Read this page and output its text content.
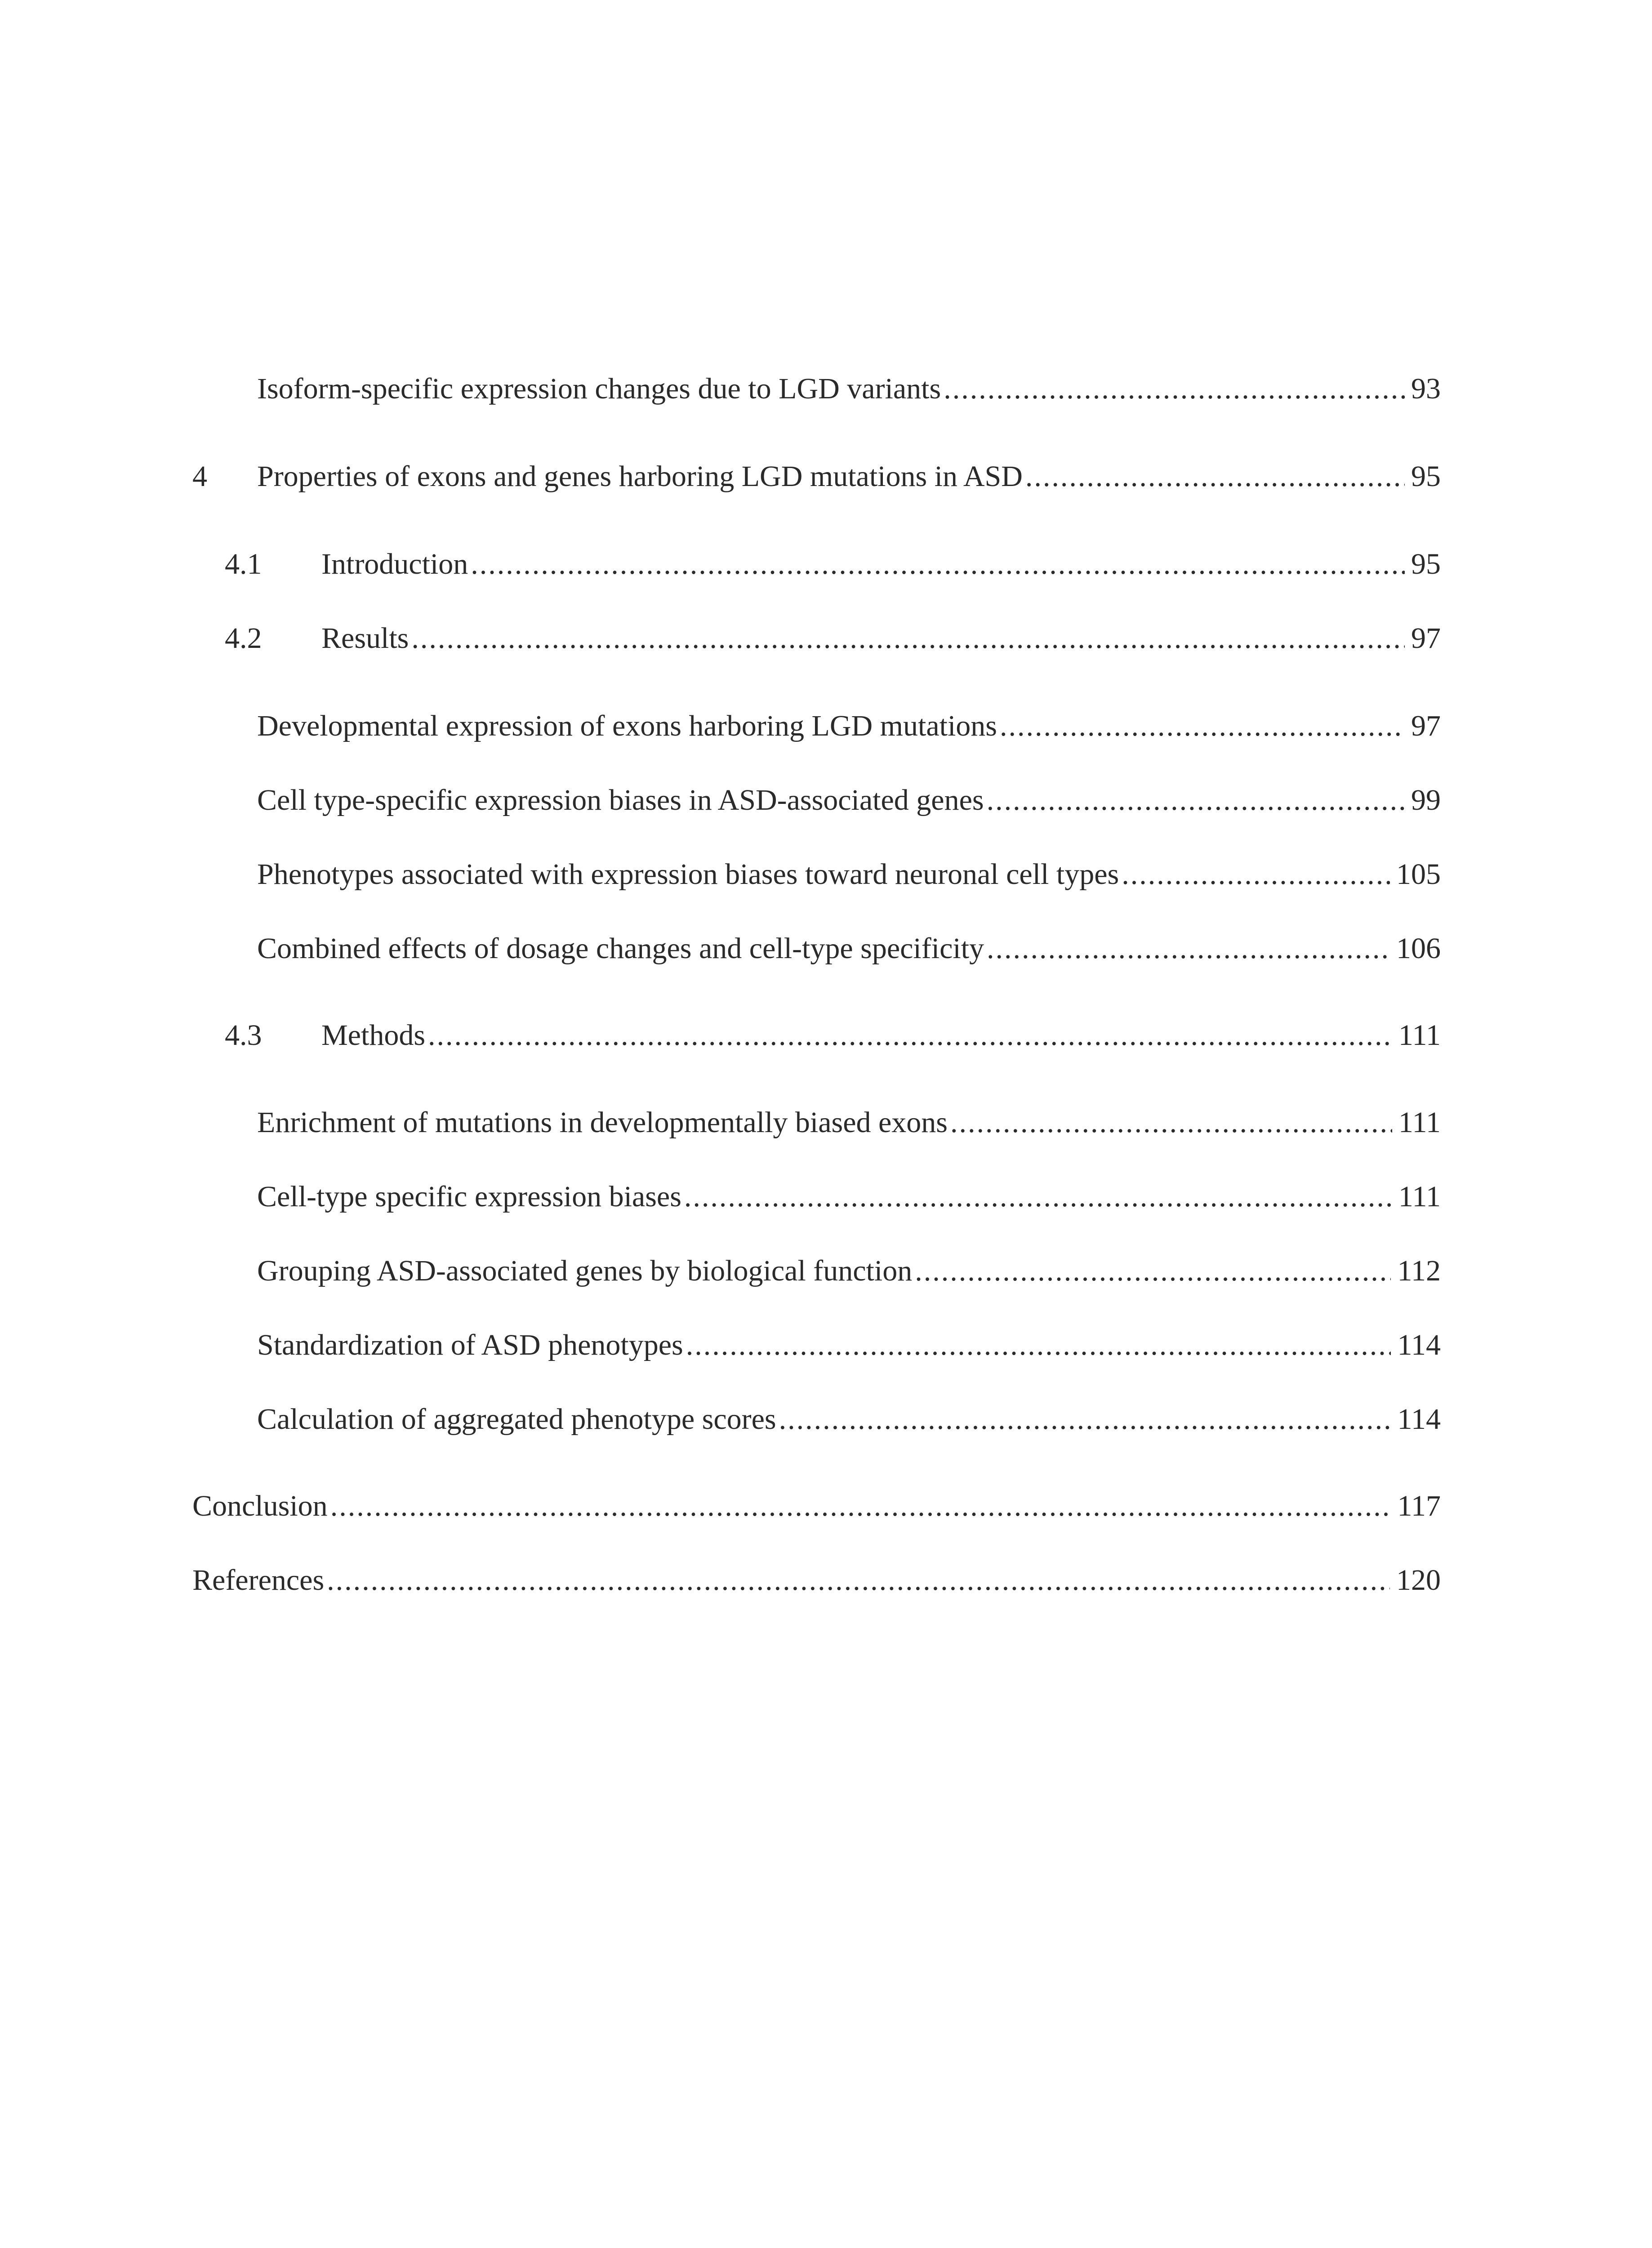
Isoform-specific expression changes due to LGD variants .....	93
4	Properties of exons and genes harboring LGD mutations in ASD .....	95
4.1	Introduction .....	95
4.2	Results .....	97
Developmental expression of exons harboring LGD mutations .....	97
Cell type-specific expression biases in ASD-associated genes .....	99
Phenotypes associated with expression biases toward neuronal cell types .....	105
Combined effects of dosage changes and cell-type specificity .....	106
4.3	Methods .....	111
Enrichment of mutations in developmentally biased exons .....	111
Cell-type specific expression biases .....	111
Grouping ASD-associated genes by biological function .....	112
Standardization of ASD phenotypes .....	114
Calculation of aggregated phenotype scores .....	114
Conclusion .....	117
References .....	120
